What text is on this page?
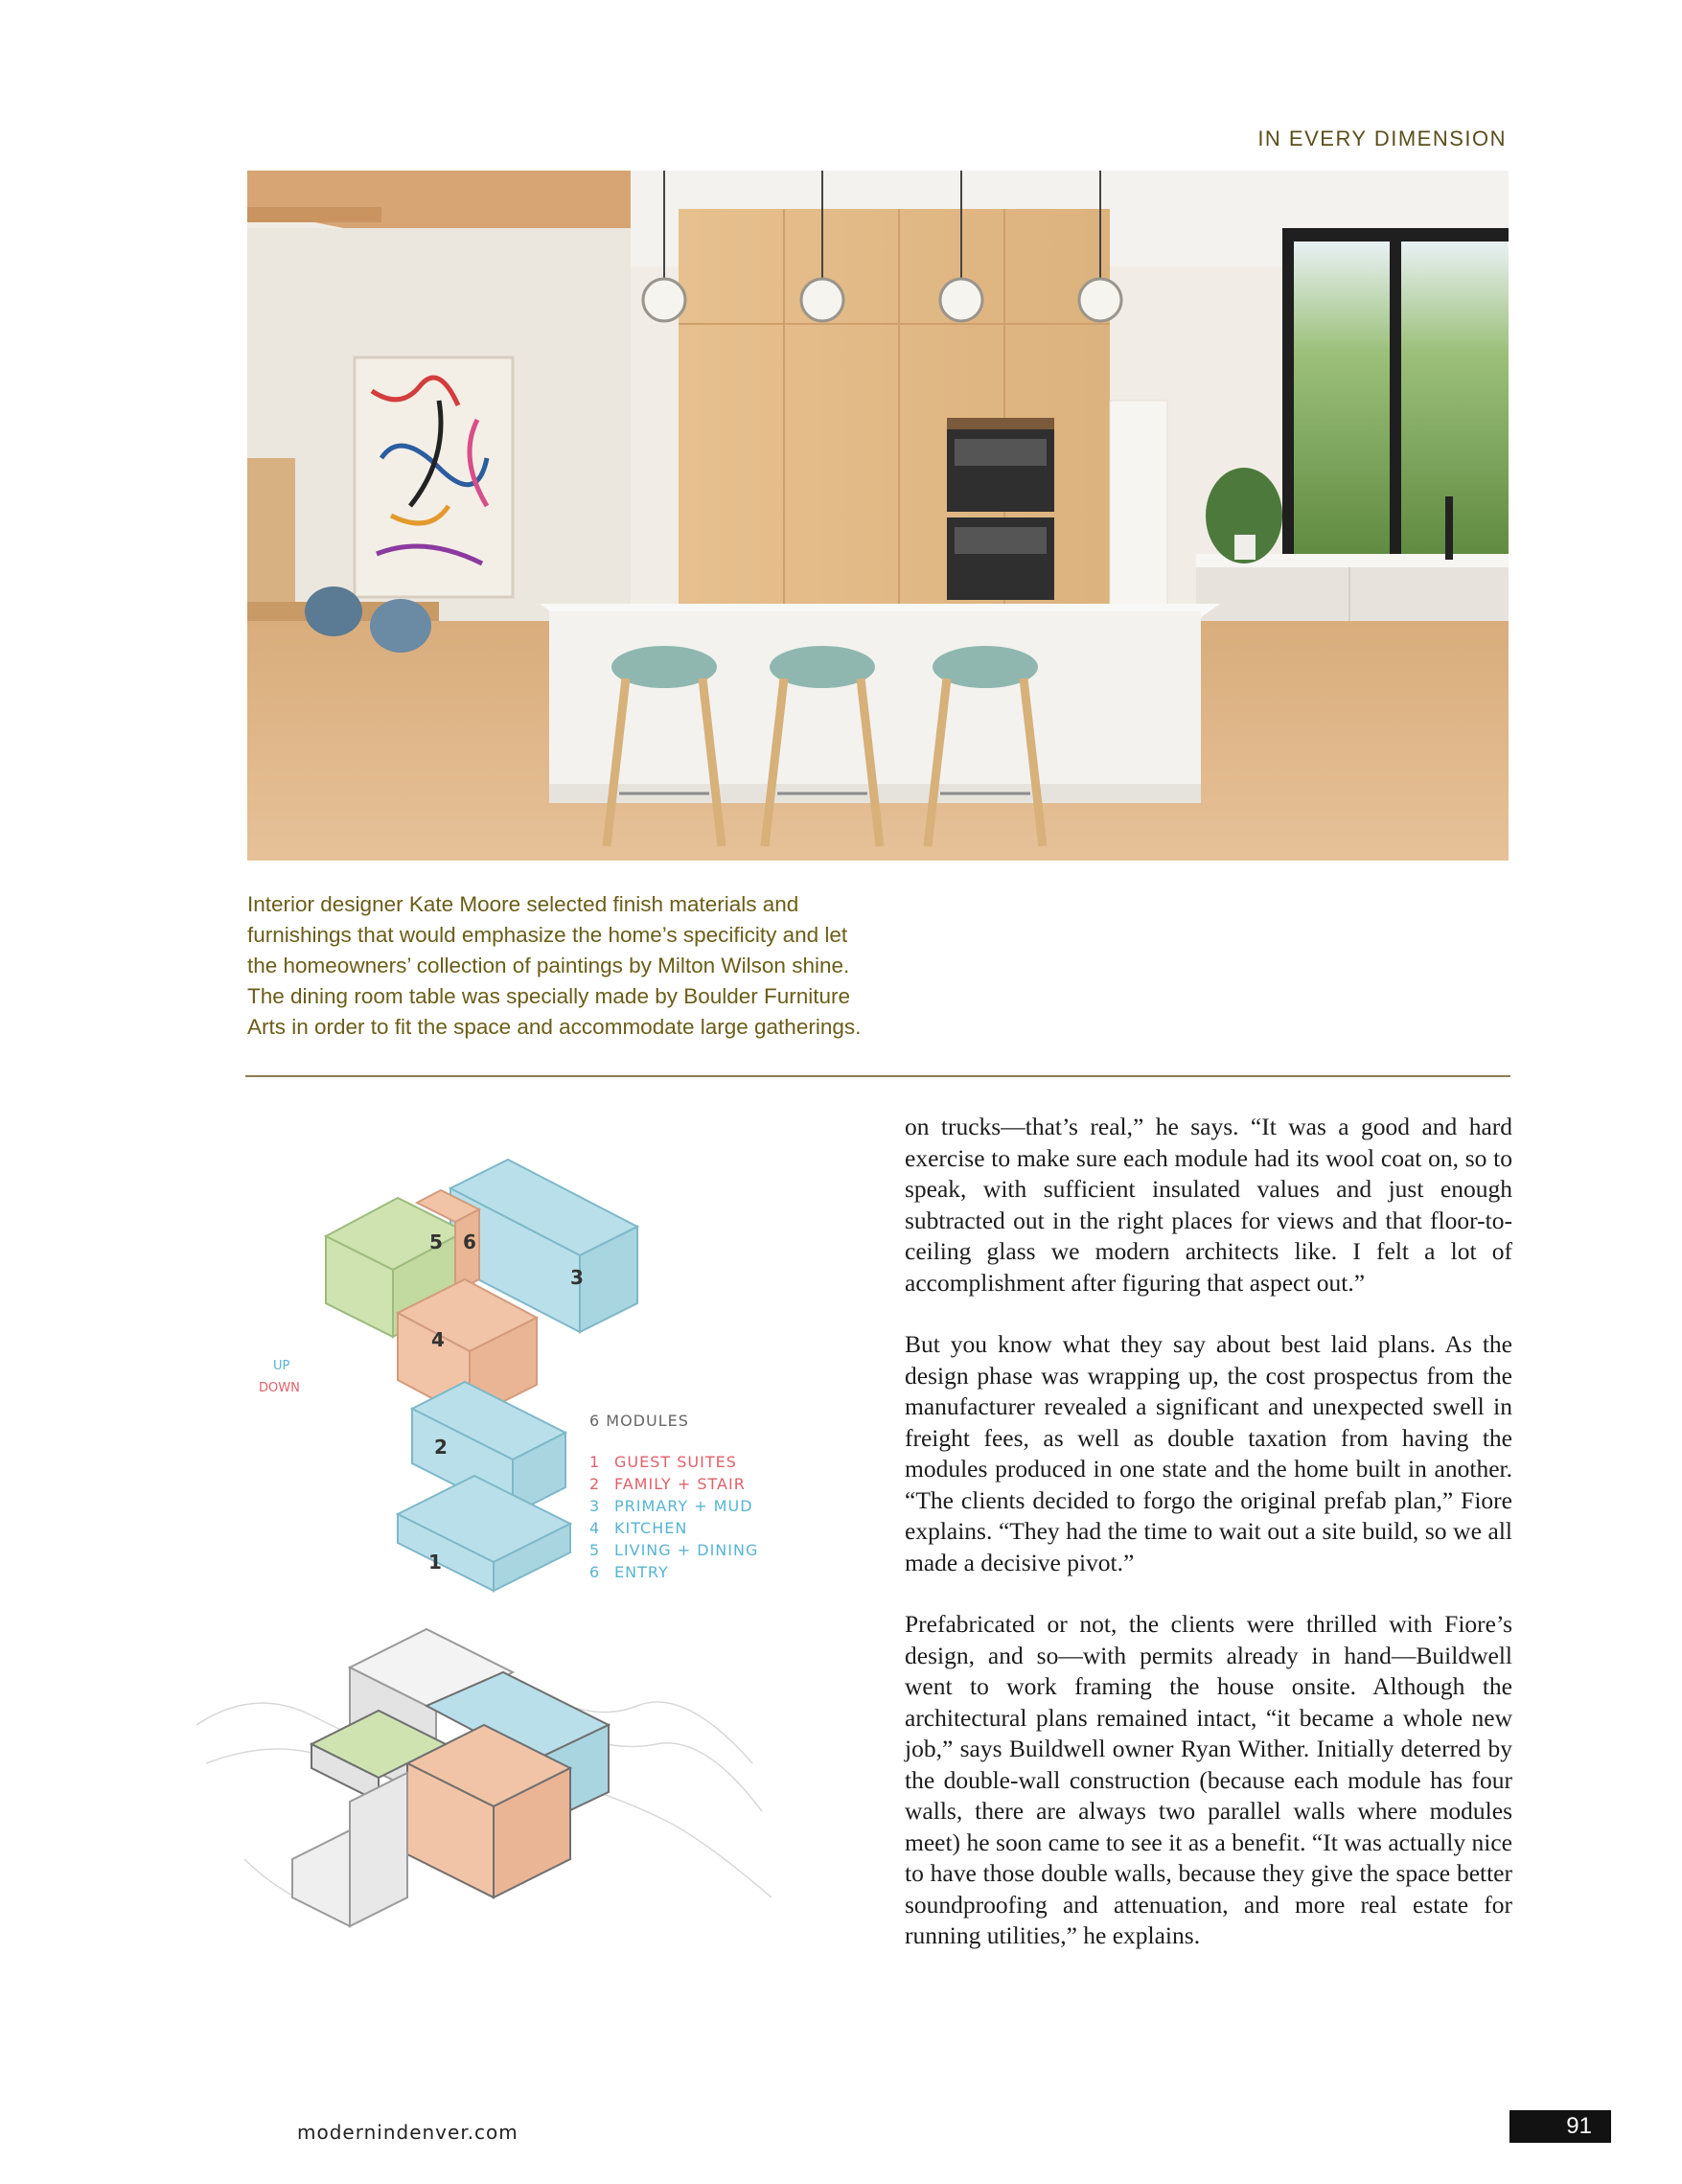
IN EVERY DIMENSION
Interior designer Kate Moore selected finish materials and furnishings that would emphasize the home’s specificity and let the homeowners’ collection of paintings by Milton Wilson shine. The dining room table was specially made by Boulder Furniture Arts in order to fit the space and accommodate large gatherings.
5 6
3
4
UP
DOWN
2
1
6 MODULES
1 GUEST SUITES
2 FAMILY + STAIR
3 PRIMARY + MUD
4 KITCHEN
5 LIVING + DINING
6 ENTRY

on trucks—that’s real,” he says. “It was a good and hard exercise to make sure each module had its wool coat on, so to speak, with sufficient insulated values and just enough subtracted out in the right places for views and that floor-to-ceiling glass we modern architects like. I felt a lot of accomplishment after figuring that aspect out.”

But you know what they say about best laid plans. As the design phase was wrapping up, the cost prospectus from the manufacturer revealed a significant and unexpected swell in freight fees, as well as double taxation from having the modules produced in one state and the home built in another. “The clients decided to forgo the original prefab plan,” Fiore explains. “They had the time to wait out a site build, so we all made a decisive pivot.”

Prefabricated or not, the clients were thrilled with Fiore’s design, and so—with permits already in hand—Buildwell went to work framing the house onsite. Although the architectural plans remained intact, “it became a whole new job,” says Buildwell owner Ryan Wither. Initially deterred by the double-wall construction (because each module has four walls, there are always two parallel walls where modules meet) he soon came to see it as a benefit. “It was actually nice to have those double walls, because they give the space better soundproofing and attenuation, and more real estate for running utilities,” he explains.

modernindenver.com	91
